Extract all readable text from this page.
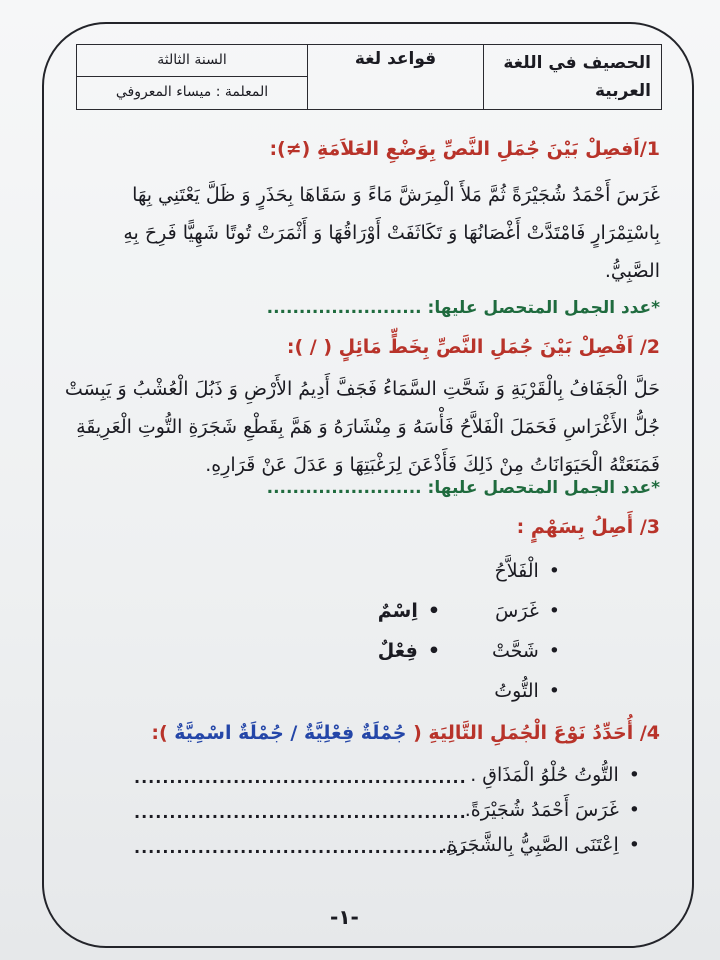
الحصيف في اللغة العربية
قواعد لغة
السنة الثالثة
المعلمة : ميساء المعروفي
1/اَفصِلْ بَيْنَ جُمَلِ النَّصِّ بِوَضْعِ العَلاَمَةِ (≠):
غَرَسَ أَحْمَدُ شُجَيْرَةً ثُمَّ مَلأَ الْمِرَشَّ مَاءً وَ سَقَاهَا بِحَذَرٍ وَ ظَلَّ يَعْتَنِي بِهَا
بِاسْتِمْرَارٍ فَامْتَدَّتْ أَغْصَانُهَا وَ تَكَاثَفَتْ أَوْرَاقُهَا وَ أَثْمَرَتْ تُوتًا شَهِيًّا فَرِحَ بِهِ
الصَّبِيُّ.
*عدد الجمل المتحصل عليها: ........................
2/ اَفْصِلْ بَيْنَ جُمَلِ النَّصِّ بِخَطٍّ مَائِلٍ ( / ):
حَلَّ الْجَفَافُ بِالْقَرْيَةِ وَ شَحَّتِ السَّمَاءُ فَجَفَّ أَدِيمُ الأَرْضِ وَ ذَبُلَ الْعُشْبُ وَ يَبِسَتْ
جُلُّ الأَغْرَاسِ فَحَمَلَ الْفَلاَّحُ فَأْسَهُ وَ مِنْشَارَهُ وَ هَمَّ بِقَطْعِ شَجَرَةِ التُّوتِ الْعَرِيقَةِ
فَمَنَعَتْهُ الْحَيَوَانَاتُ مِنْ ذَلِكَ فَأَذْعَنَ لِرَغْبَتِهَا وَ عَدَلَ عَنْ قَرَارِهِ.
*عدد الجمل المتحصل عليها: ........................
3/ أَصِلُ بِسَهْمٍ :
• الْفَلاَّحُ
• غَرَسَ
• شَحَّتْ
• التُّوتُ
• اِسْمٌ
• فِعْلٌ
4/ أُحَدِّدُ نَوْعَ الْجُمَلِ التَّالِيَةِ ( جُمْلَةٌ فِعْلِيَّةٌ / جُمْلَةٌ اسْمِيَّةٌ ):
• التُّوتُ حُلْوُ الْمَذَاقِ .
• غَرَسَ أَحْمَدُ شُجَيْرَةً.
• اِعْتَنَى الصَّبِيُّ بِالشَّجَرَةِ.
...............................................
...............................................
...............................................
-١-
